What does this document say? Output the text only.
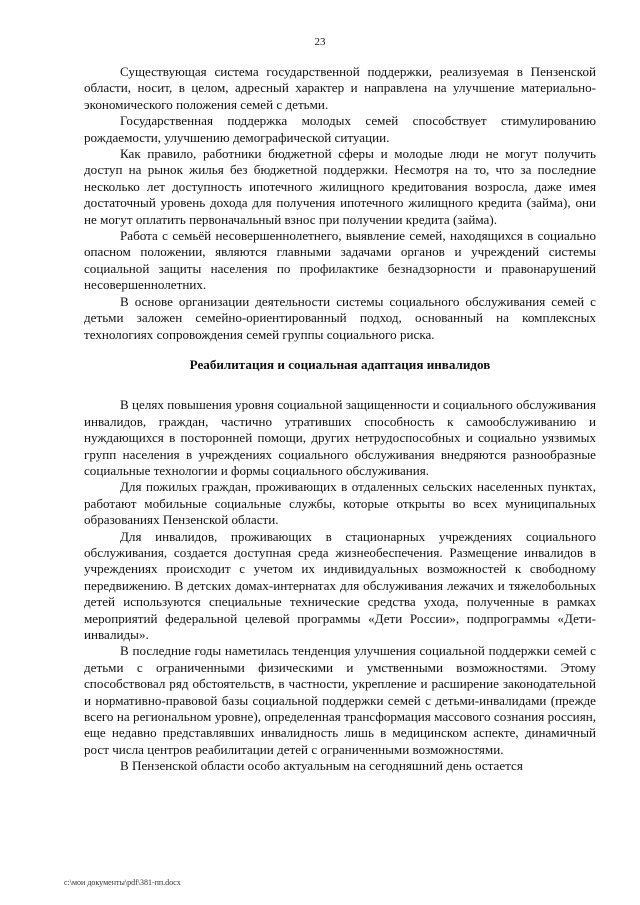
23

Существующая система государственной поддержки, реализуемая в Пензенской области, носит, в целом, адресный характер и направлена на улучшение материально-экономического положения семей с детьми.

Государственная поддержка молодых семей способствует стимулированию рождаемости, улучшению демографической ситуации.

Как правило, работники бюджетной сферы и молодые люди не могут получить доступ на рынок жилья без бюджетной поддержки. Несмотря на то, что за последние несколько лет доступность ипотечного жилищного кредитования возросла, даже имея достаточный уровень дохода для получения ипотечного жилищного кредита (займа), они не могут оплатить первоначальный взнос при получении кредита (займа).

Работа с семьёй несовершеннолетнего, выявление семей, находящихся в социально опасном положении, являются главными задачами органов и учреждений системы социальной защиты населения по профилактике безнадзорности и правонарушений несовершеннолетних.

В основе организации деятельности системы социального обслуживания семей с детьми заложен семейно-ориентированный подход, основанный на комплексных технологиях сопровождения семей группы социального риска.

Реабилитация и социальная адаптация инвалидов

В целях повышения уровня социальной защищенности и социального обслуживания инвалидов, граждан, частично утративших способность к самообслуживанию и нуждающихся в посторонней помощи, других нетрудоспособных и социально уязвимых групп населения в учреждениях социального обслуживания внедряются разнообразные социальные технологии и формы социального обслуживания.

Для пожилых граждан, проживающих в отдаленных сельских населенных пунктах, работают мобильные социальные службы, которые открыты во всех муниципальных образованиях Пензенской области.

Для инвалидов, проживающих в стационарных учреждениях социального обслуживания, создается доступная среда жизнеобеспечения. Размещение инвалидов в учреждениях происходит с учетом их индивидуальных возможностей к свободному передвижению. В детских домах-интернатах для обслуживания лежачих и тяжелобольных детей используются специальные технические средства ухода, полученные в рамках мероприятий федеральной целевой программы «Дети России», подпрограммы «Дети-инвалиды».

В последние годы наметилась тенденция улучшения социальной поддержки семей с детьми с ограниченными физическими и умственными возможностями. Этому способствовал ряд обстоятельств, в частности, укрепление и расширение законодательной и нормативно-правовой базы социальной поддержки семей с детьми-инвалидами (прежде всего на региональном уровне), определенная трансформация массового сознания россиян, еще недавно представлявших инвалидность лишь в медицинском аспекте, динамичный рост числа центров реабилитации детей с ограниченными возможностями.

В Пензенской области особо актуальным на сегодняшний день остается

c:\мои документы\pdf\381-пп.docx
